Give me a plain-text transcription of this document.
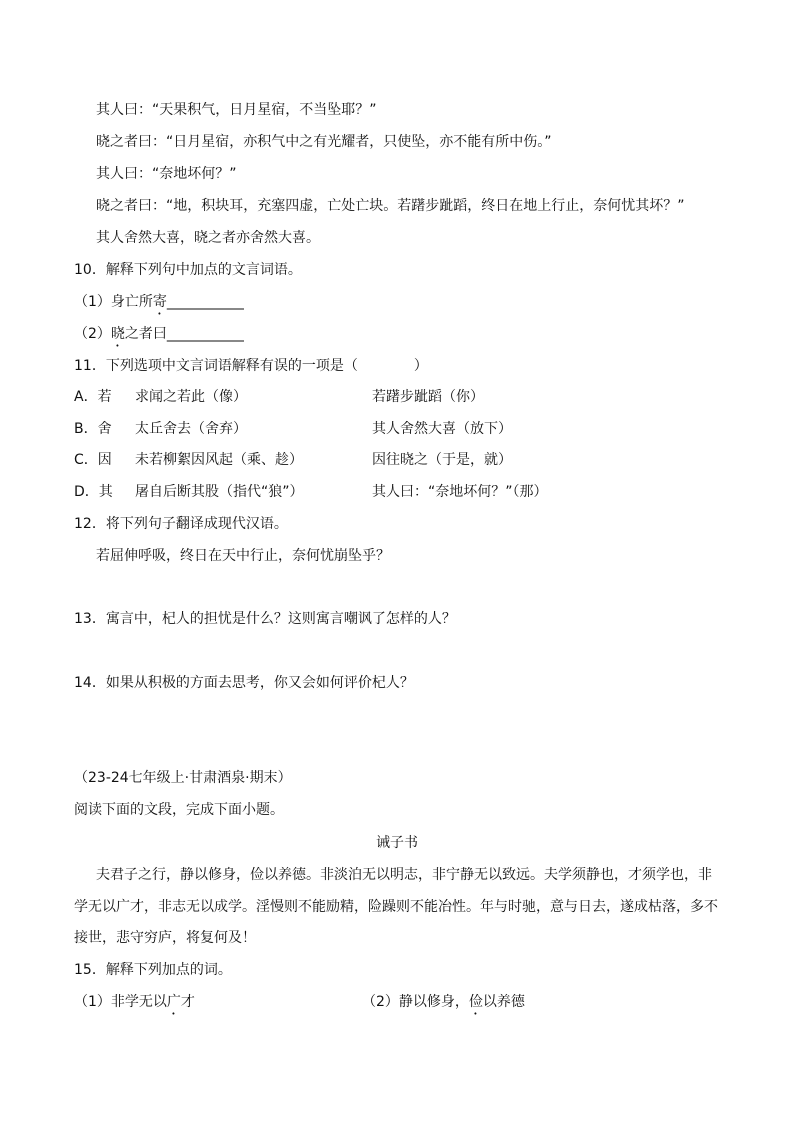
其人曰：“天果积气，日月星宿，不当坠耶？”
晓之者曰：“日月星宿，亦积气中之有光耀者，只使坠，亦不能有所中伤。”
其人曰：“奈地坏何？”
晓之者曰：“地，积块耳，充塞四虚，亡处亡块。若躇步跐蹈，终日在地上行止，奈何忧其坏？”
其人舍然大喜，晓之者亦舍然大喜。
10．解释下列句中加点的文言词语。
（1）身亡所寄___________
（2）晓之者曰___________
11．下列选项中文言词语解释有误的一项是（　　　　）
A．若 求闻之若此（像）	若躇步跐蹈（你）
B．舍 太丘舍去（舍弃）	其人舍然大喜（放下）
C．因 未若柳絮因风起（乘、趁）	因往晓之（于是，就）
D．其 屠自后断其股（指代“狼”）	其人曰：“奈地坏何？”（那）
12．将下列句子翻译成现代汉语。
若屈伸呼吸，终日在天中行止，奈何忧崩坠乎？
13．寓言中，杞人的担忧是什么？这则寓言嘲讽了怎样的人？
14．如果从积极的方面去思考，你又会如何评价杞人？
（23-24七年级上·甘肃酒泉·期末）
阅读下面的文段，完成下面小题。
诫子书
夫君子之行，静以修身，俭以养德。非淡泊无以明志，非宁静无以致远。夫学须静也，才须学也，非
学无以广才，非志无以成学。淫慢则不能励精，险躁则不能冶性。年与时驰，意与日去，遂成枯落，多不
接世，悲守穷庐，将复何及！
15．解释下列加点的词。
（1）非学无以广才	（2）静以修身，俭以养德
